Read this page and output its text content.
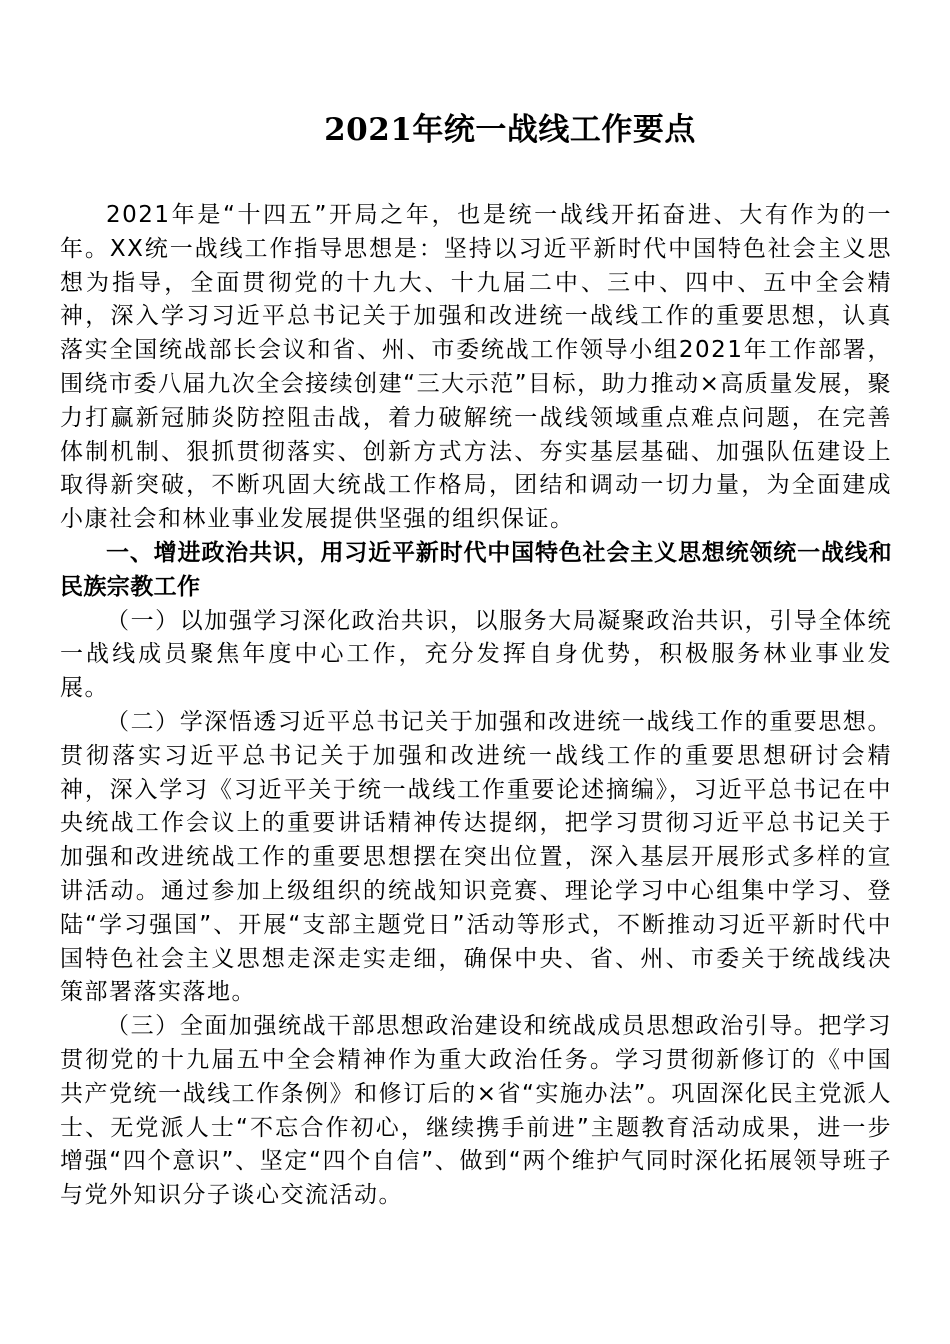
2021年统一战线工作要点

2021年是“十四五”开局之年，也是统一战线开拓奋进、大有作为的一年。XX统一战线工作指导思想是：坚持以习近平新时代中国特色社会主义思想为指导，全面贯彻党的十九大、十九届二中、三中、四中、五中全会精神，深入学习习近平总书记关于加强和改进统一战线工作的重要思想，认真落实全国统战部长会议和省、州、市委统战工作领导小组2021年工作部署，围绕市委八届九次全会接续创建“三大示范”目标，助力推动×高质量发展，聚力打赢新冠肺炎防控阻击战，着力破解统一战线领域重点难点问题，在完善体制机制、狠抓贯彻落实、创新方式方法、夯实基层基础、加强队伍建设上取得新突破，不断巩固大统战工作格局，团结和调动一切力量，为全面建成小康社会和林业事业发展提供坚强的组织保证。

一、增进政治共识，用习近平新时代中国特色社会主义思想统领统一战线和民族宗教工作

（一）以加强学习深化政治共识，以服务大局凝聚政治共识，引导全体统一战线成员聚焦年度中心工作，充分发挥自身优势，积极服务林业事业发展。

（二）学深悟透习近平总书记关于加强和改进统一战线工作的重要思想。贯彻落实习近平总书记关于加强和改进统一战线工作的重要思想研讨会精神，深入学习《习近平关于统一战线工作重要论述摘编》，习近平总书记在中央统战工作会议上的重要讲话精神传达提纲，把学习贯彻习近平总书记关于加强和改进统战工作的重要思想摆在突出位置，深入基层开展形式多样的宣讲活动。通过参加上级组织的统战知识竞赛、理论学习中心组集中学习、登陆“学习强国”、开展“支部主题党日”活动等形式，不断推动习近平新时代中国特色社会主义思想走深走实走细，确保中央、省、州、市委关于统战线决策部署落实落地。

（三）全面加强统战干部思想政治建设和统战成员思想政治引导。把学习贯彻党的十九届五中全会精神作为重大政治任务。学习贯彻新修订的《中国共产党统一战线工作条例》和修订后的×省“实施办法”。巩固深化民主党派人士、无党派人士“不忘合作初心，继续携手前进”主题教育活动成果，进一步增强“四个意识”、坚定“四个自信”、做到“两个维护气同时深化拓展领导班子与党外知识分子谈心交流活动。
